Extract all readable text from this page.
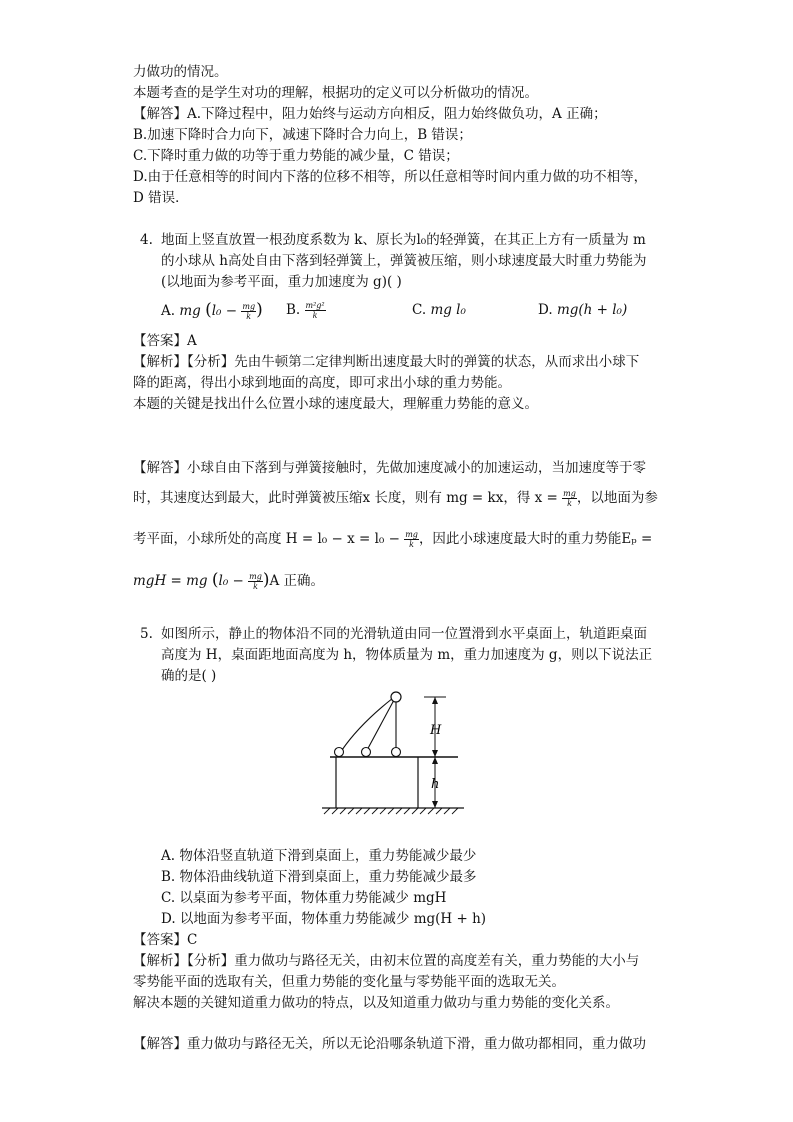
力做功的情况。
本题考查的是学生对功的理解，根据功的定义可以分析做功的情况。
【解答】A.下降过程中，阻力始终与运动方向相反，阻力始终做负功，A 正确；
B.加速下降时合力向下，减速下降时合力向上，B 错误；
C.下降时重力做的功等于重力势能的减少量，C 错误；
D.由于任意相等的时间内下落的位移不相等，所以任意相等时间内重力做的功不相等，
D 错误．
4. 地面上竖直放置一根劲度系数为 k、原长为l₀的轻弹簧，在其正上方有一质量为 m
的小球从 h高处自由下落到轻弹簧上，弹簧被压缩，则小球速度最大时重力势能为
(以地面为参考平面，重力加速度为 g)( )
A. mg ($l_0 - \frac{mg}{k}$ ) B. $\frac{\text{m²g²}}{k}$	C. mg l₀	D. mg(h + l₀)
【答案】A
【解析】【分析】先由牛顿第二定律判断出速度最大时的弹簧的状态，从而求出小球下
降的距离，得出小球到地面的高度，即可求出小球的重力势能。
本题的关键是找出什么位置小球的速度最大，理解重力势能的意义。
【解答】小球自由下落到与弹簧接触时，先做加速度减小的加速运动，当加速度等于零
时，其速度达到最大，此时弹簧被压缩x 长度，则有 mg = kx，得 $x = \frac{mg}{k}$ ，以地面为参
考平面，小球所处的高度 $H = l_0 - x = l_0 - \frac{mg}{k}$ ，因此小球速度最大时的重力势能Eₚ =
mgH = mg $(l_0 - \frac{mg}{k} )A$ 正确。
5. 如图所示，静止的物体沿不同的光滑轨道由同一位置滑到水平桌面上，轨道距桌面
高度为 H，桌面距地面高度为 h，物体质量为 m，重力加速度为 g，则以下说法正
确的是( )
H
h
A. 物体沿竖直轨道下滑到桌面上，重力势能减少最少
B. 物体沿曲线轨道下滑到桌面上，重力势能减少最多
C. 以桌面为参考平面，物体重力势能减少 mgH
D. 以地面为参考平面，物体重力势能减少 mg(H + h)
【答案】C
【解析】【分析】重力做功与路径无关，由初末位置的高度差有关，重力势能的大小与
零势能平面的选取有关，但重力势能的变化量与零势能平面的选取无关。
解决本题的关键知道重力做功的特点，以及知道重力做功与重力势能的变化关系。
【解答】重力做功与路径无关，所以无论沿哪条轨道下滑，重力做功都相同，重力做功
